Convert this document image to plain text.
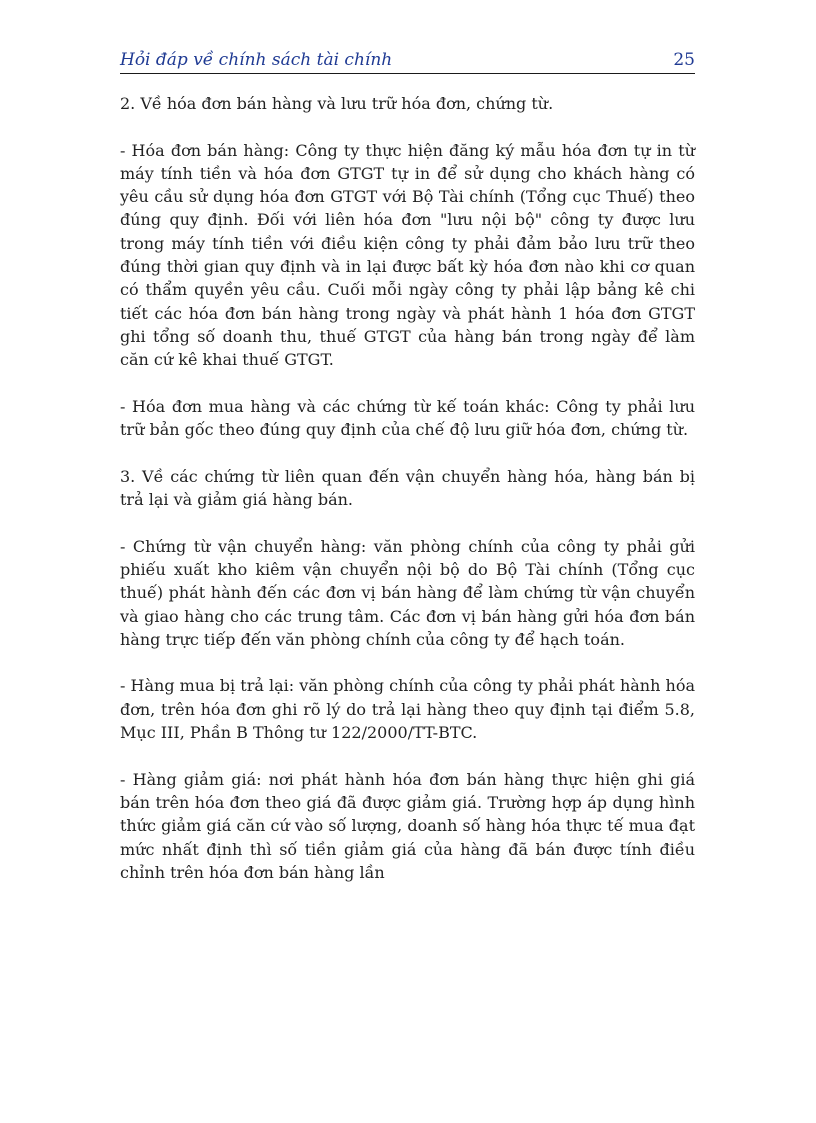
Hỏi đáp về chính sách tài chính	25

2. Về hóa đơn bán hàng và lưu trữ hóa đơn, chứng từ.

- Hóa đơn bán hàng: Công ty thực hiện đăng ký mẫu hóa đơn tự in từ máy tính tiền và hóa đơn GTGT tự in để sử dụng cho khách hàng có yêu cầu sử dụng hóa đơn GTGT với Bộ Tài chính (Tổng cục Thuế) theo đúng quy định. Đối với liên hóa đơn "lưu nội bộ" công ty được lưu trong máy tính tiền với điều kiện công ty phải đảm bảo lưu trữ theo đúng thời gian quy định và in lại được bất kỳ hóa đơn nào khi cơ quan có thẩm quyền yêu cầu. Cuối mỗi ngày công ty phải lập bảng kê chi tiết các hóa đơn bán hàng trong ngày và phát hành 1 hóa đơn GTGT ghi tổng số doanh thu, thuế GTGT của hàng bán trong ngày để làm căn cứ kê khai thuế GTGT.

- Hóa đơn mua hàng và các chứng từ kế toán khác: Công ty phải lưu trữ bản gốc theo đúng quy định của chế độ lưu giữ hóa đơn, chứng từ.

3. Về các chứng từ liên quan đến vận chuyển hàng hóa, hàng bán bị trả lại và giảm giá hàng bán.

- Chứng từ vận chuyển hàng: văn phòng chính của công ty phải gửi phiếu xuất kho kiêm vận chuyển nội bộ do Bộ Tài chính (Tổng cục thuế) phát hành đến các đơn vị bán hàng để làm chứng từ vận chuyển và giao hàng cho các trung tâm. Các đơn vị bán hàng gửi hóa đơn bán hàng trực tiếp đến văn phòng chính của công ty để hạch toán.

- Hàng mua bị trả lại: văn phòng chính của công ty phải phát hành hóa đơn, trên hóa đơn ghi rõ lý do trả lại hàng theo quy định tại điểm 5.8, Mục III, Phần B Thông tư 122/2000/TT-BTC.

- Hàng giảm giá: nơi phát hành hóa đơn bán hàng thực hiện ghi giá bán trên hóa đơn theo giá đã được giảm giá. Trường hợp áp dụng hình thức giảm giá căn cứ vào số lượng, doanh số hàng hóa thực tế mua đạt mức nhất định thì số tiền giảm giá của hàng đã bán được tính điều chỉnh trên hóa đơn bán hàng lần
